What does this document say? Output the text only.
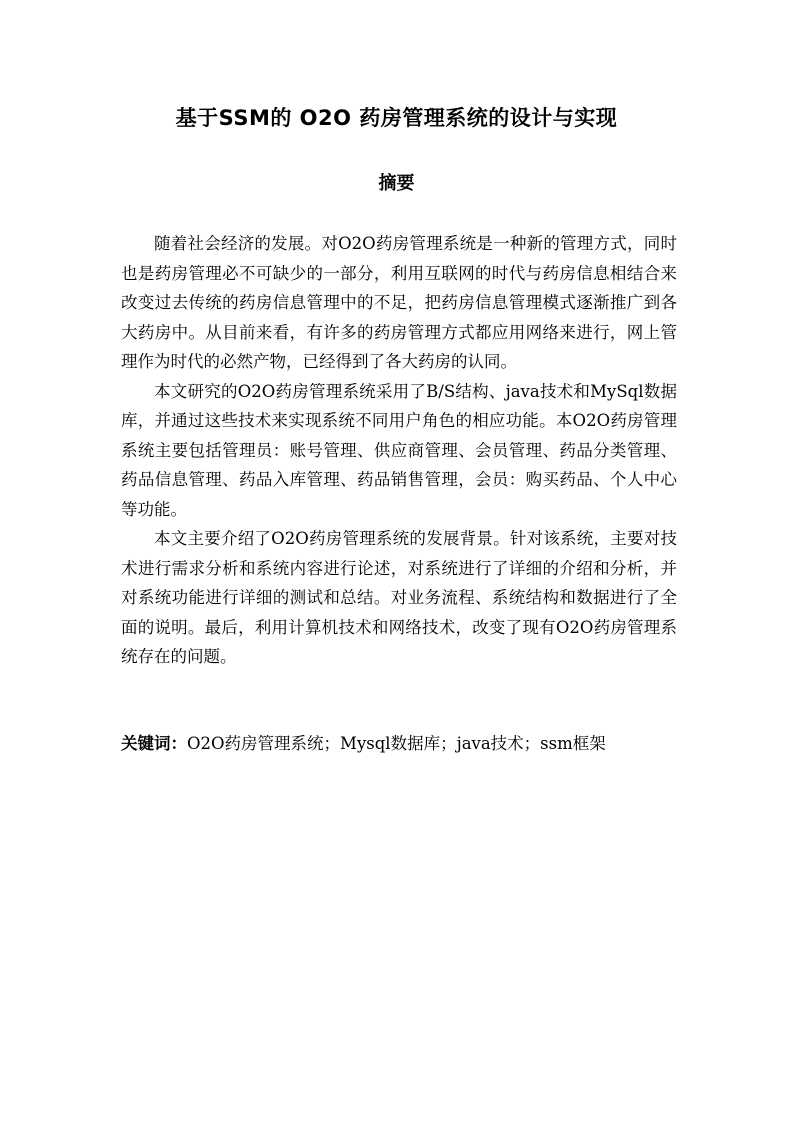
基于SSM的 O2O 药房管理系统的设计与实现
摘要

随着社会经济的发展。对O2O药房管理系统是一种新的管理方式，同时也是药房管理必不可缺少的一部分，利用互联网的时代与药房信息相结合来改变过去传统的药房信息管理中的不足，把药房信息管理模式逐渐推广到各大药房中。从目前来看，有许多的药房管理方式都应用网络来进行，网上管理作为时代的必然产物，已经得到了各大药房的认同。

本文研究的O2O药房管理系统采用了B/S结构、java技术和MySql数据库，并通过这些技术来实现系统不同用户角色的相应功能。本O2O药房管理系统主要包括管理员：账号管理、供应商管理、会员管理、药品分类管理、药品信息管理、药品入库管理、药品销售管理，会员：购买药品、个人中心等功能。

本文主要介绍了O2O药房管理系统的发展背景。针对该系统，主要对技术进行需求分析和系统内容进行论述，对系统进行了详细的介绍和分析，并对系统功能进行详细的测试和总结。对业务流程、系统结构和数据进行了全面的说明。最后，利用计算机技术和网络技术，改变了现有O2O药房管理系统存在的问题。

关键词：O2O药房管理系统；Mysql数据库；java技术；ssm框架
